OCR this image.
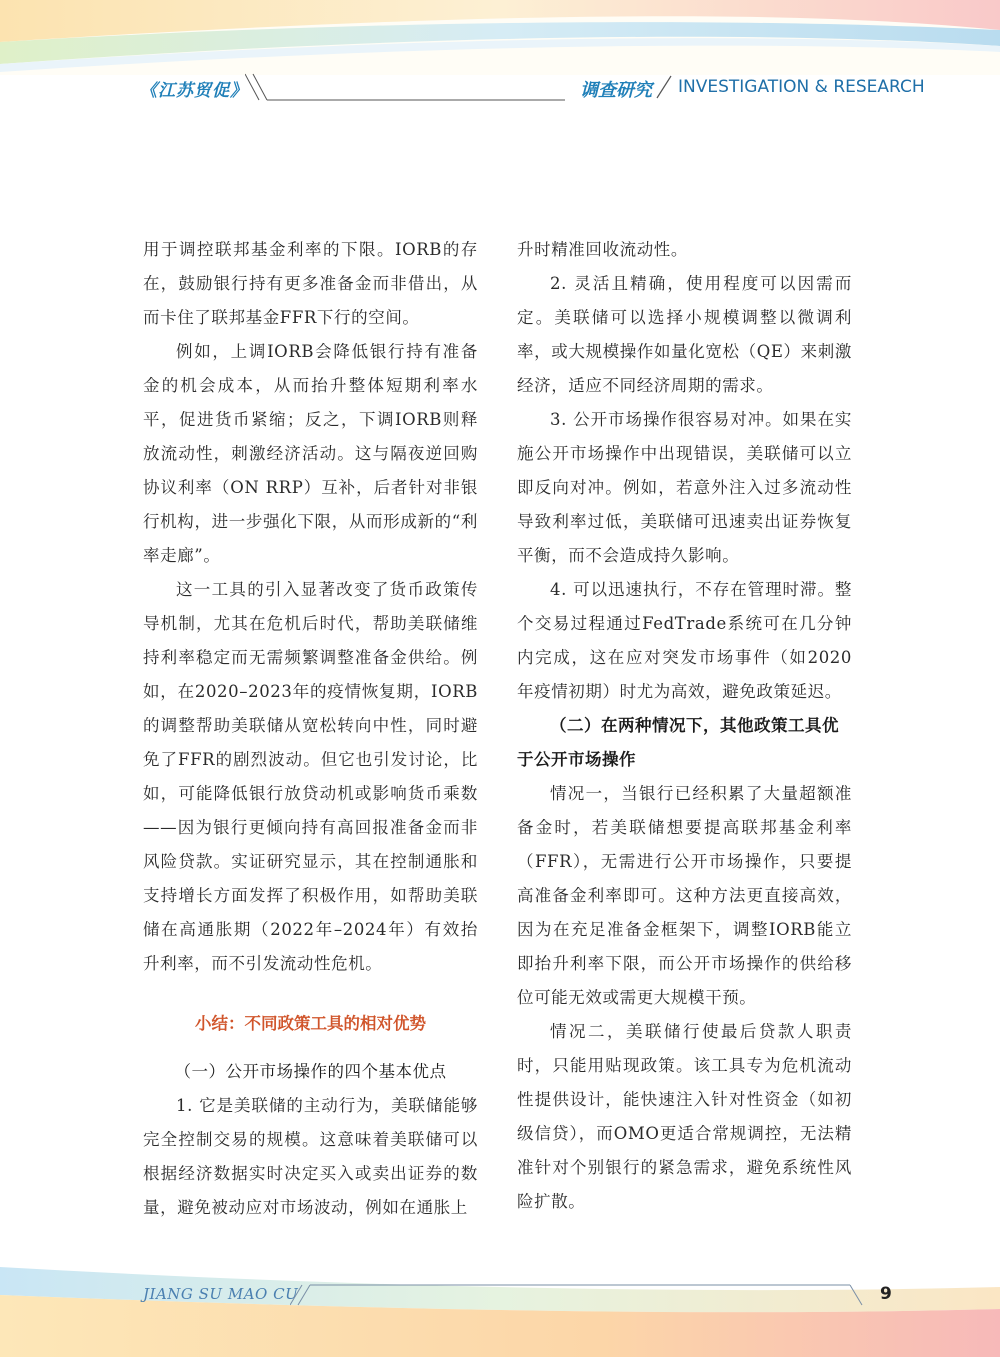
《江苏贸促》	调查研究 INVESTIGATION & RESEARCH

用于调控联邦基金利率的下限。IORB的存在，鼓励银行持有更多准备金而非借出，从而卡住了联邦基金FFR下行的空间。

例如，上调IORB会降低银行持有准备金的机会成本，从而抬升整体短期利率水平，促进货币紧缩；反之，下调IORB则释放流动性，刺激经济活动。这与隔夜逆回购协议利率（ON RRP）互补，后者针对非银行机构，进一步强化下限，从而形成新的“利率走廊”。

这一工具的引入显著改变了货币政策传导机制，尤其在危机后时代，帮助美联储维持利率稳定而无需频繁调整准备金供给。例如，在2020–2023年的疫情恢复期，IORB的调整帮助美联储从宽松转向中性，同时避免了FFR的剧烈波动。但它也引发讨论，比如，可能降低银行放贷动机或影响货币乘数——因为银行更倾向持有高回报准备金而非风险贷款。实证研究显示，其在控制通胀和支持增长方面发挥了积极作用，如帮助美联储在高通胀期（2022年–2024年）有效抬升利率，而不引发流动性危机。

小结：不同政策工具的相对优势

（一）公开市场操作的四个基本优点

1. 它是美联储的主动行为，美联储能够完全控制交易的规模。这意味着美联储可以根据经济数据实时决定买入或卖出证券的数量，避免被动应对市场波动，例如在通胀上

升时精准回收流动性。

2. 灵活且精确，使用程度可以因需而定。美联储可以选择小规模调整以微调利率，或大规模操作如量化宽松（QE）来刺激经济，适应不同经济周期的需求。

3. 公开市场操作很容易对冲。如果在实施公开市场操作中出现错误，美联储可以立即反向对冲。例如，若意外注入过多流动性导致利率过低，美联储可迅速卖出证券恢复平衡，而不会造成持久影响。

4. 可以迅速执行，不存在管理时滞。整个交易过程通过FedTrade系统可在几分钟内完成，这在应对突发市场事件（如2020年疫情初期）时尤为高效，避免政策延迟。

（二）在两种情况下，其他政策工具优于公开市场操作

情况一，当银行已经积累了大量超额准备金时，若美联储想要提高联邦基金利率（FFR），无需进行公开市场操作，只要提高准备金利率即可。这种方法更直接高效，因为在充足准备金框架下，调整IORB能立即抬升利率下限，而公开市场操作的供给移位可能无效或需更大规模干预。

情况二，美联储行使最后贷款人职责时，只能用贴现政策。该工具专为危机流动性提供设计，能快速注入针对性资金（如初级信贷），而OMO更适合常规调控，无法精准针对个别银行的紧急需求，避免系统性风险扩散。

JIANG SU MAO CU	9
